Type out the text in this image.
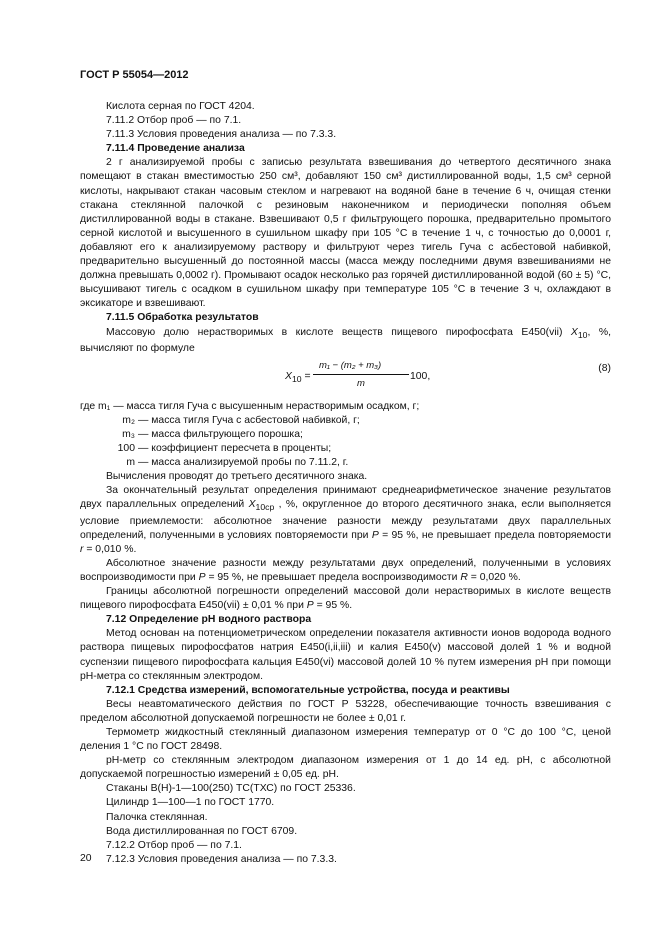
ГОСТ Р 55054—2012

Кислота серная по ГОСТ 4204.

7.11.2 Отбор проб — по 7.1.

7.11.3 Условия проведения анализа — по 7.3.3.

7.11.4 Проведение анализа

2 г анализируемой пробы с записью результата взвешивания до четвертого десятичного знака помещают в стакан вместимостью 250 см³, добавляют 150 см³ дистиллированной воды, 1,5 см³ серной кислоты, накрывают стакан часовым стеклом и нагревают на водяной бане в течение 6 ч, очищая стенки стакана стеклянной палочкой с резиновым наконечником и периодически пополняя объем дистиллированной воды в стакане. Взвешивают 0,5 г фильтрующего порошка, предварительно промытого серной кислотой и высушенного в сушильном шкафу при 105 °С в течение 1 ч, с точностью до 0,0001 г, добавляют его к анализируемому раствору и фильтруют через тигель Гуча с асбестовой набивкой, предварительно высушенный до постоянной массы (масса между последними двумя взвешиваниями не должна превышать 0,0002 г). Промывают осадок несколько раз горячей дистиллированной водой (60 ± 5) °С, высушивают тигель с осадком в сушильном шкафу при температуре 105 °С в течение 3 ч, охлаждают в эксикаторе и взвешивают.

7.11.5 Обработка результатов

Массовую долю нерастворимых в кислоте веществ пищевого пирофосфата Е450(vii) $X_{10}$, %, вычисляют по формуле

$X_{10}$ =
m₁ − (m₂ + m₃)
m
100,
(8)
где m₁ — масса тигля Гуча с высушенным нерастворимым осадком, г;
m₂ — масса тигля Гуча с асбестовой набивкой, г;
m₃ — масса фильтрующего порошка;
100 — коэффициент пересчета в проценты;
m — масса анализируемой пробы по 7.11.2, г.

Вычисления проводят до третьего десятичного знака.

За окончательный результат определения принимают среднеарифметическое значение результатов двух параллельных определений $X_{10ср}$ , %, округленное до второго десятичного знака, если выполняется условие приемлемости: абсолютное значение разности между результатами двух параллельных определений, полученными в условиях повторяемости при P = 95 %, не превышает предела повторяемости r = 0,010 %.

Абсолютное значение разности между результатами двух определений, полученными в условиях воспроизводимости при P = 95 %, не превышает предела воспроизводимости R = 0,020 %.

Границы абсолютной погрешности определений массовой доли нерастворимых в кислоте веществ пищевого пирофосфата Е450(vii) ± 0,01 % при P = 95 %.

7.12 Определение рН водного раствора

Метод основан на потенциометрическом определении показателя активности ионов водорода водного раствора пищевых пирофосфатов натрия Е450(i,ii,iii) и калия Е450(v) массовой долей 1 % и водной суспензии пищевого пирофосфата кальция Е450(vi) массовой долей 10 % путем измерения рН при помощи рН-метра со стеклянным электродом.

7.12.1 Средства измерений, вспомогательные устройства, посуда и реактивы

Весы неавтоматического действия по ГОСТ Р 53228, обеспечивающие точность взвешивания с пределом абсолютной допускаемой погрешности не более ± 0,01 г.

Термометр жидкостный стеклянный диапазоном измерения температур от 0 °С до 100 °С, ценой деления 1 °С по ГОСТ 28498.

рН-метр со стеклянным электродом диапазоном измерения от 1 до 14 ед. рН, с абсолютной допускаемой погрешностью измерений ± 0,05 ед. рН.

Стаканы В(Н)-1—100(250) ТС(ТХС) по ГОСТ 25336.

Цилиндр 1—100—1 по ГОСТ 1770.

Палочка стеклянная.

Вода дистиллированная по ГОСТ 6709.

7.12.2 Отбор проб — по 7.1.

7.12.3 Условия проведения анализа — по 7.3.3.

20
